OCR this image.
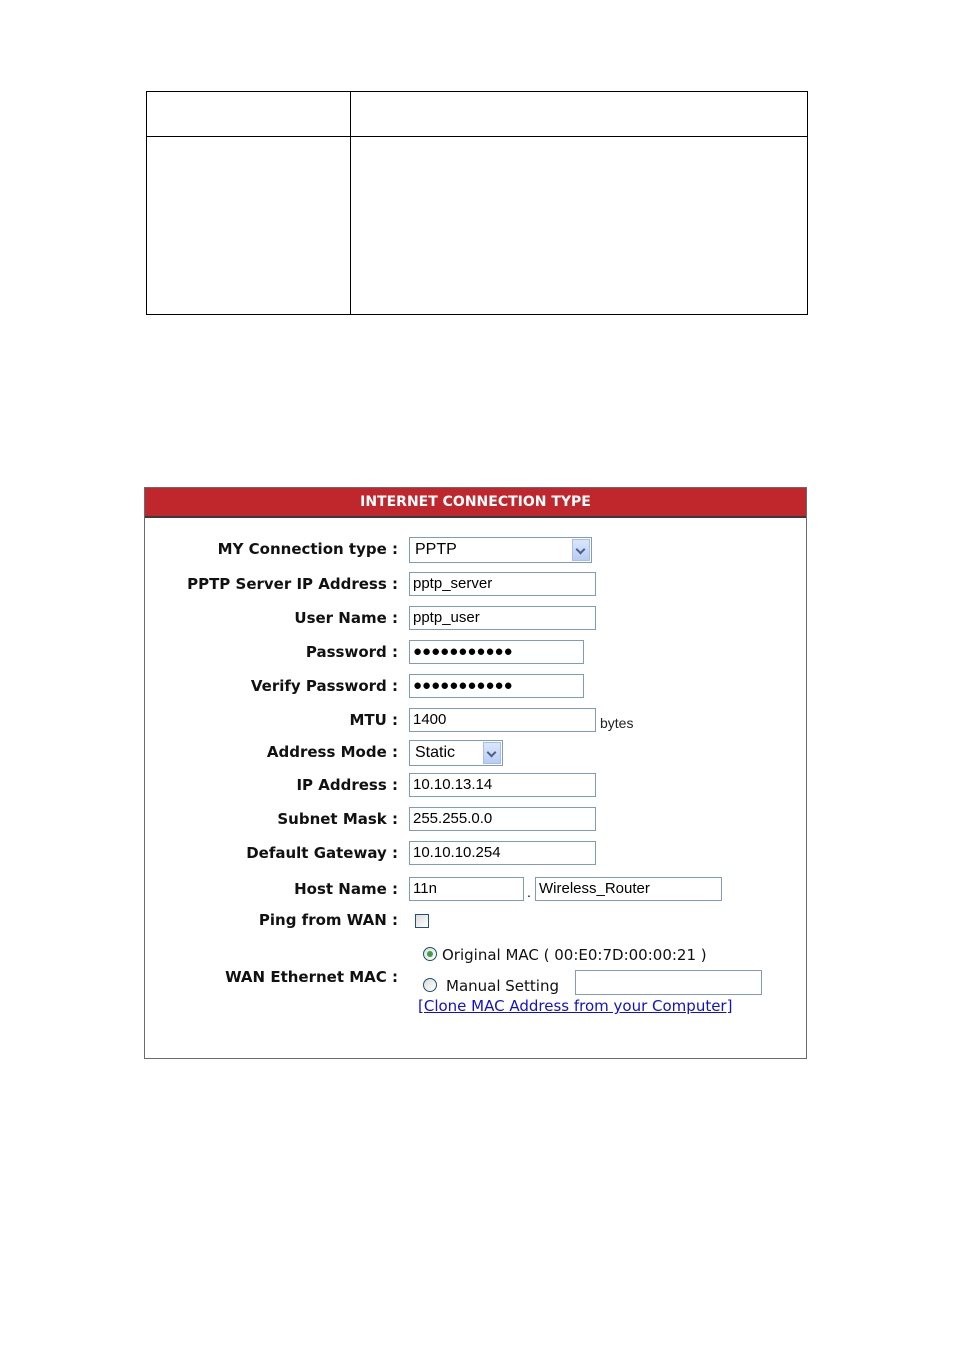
INTERNET CONNECTION TYPE
MY Connection type :	PPTP
PPTP Server IP Address : pptp_server
User Name : pptp_user
Password : ●●●●●●●●●●●
Verify Password : ●●●●●●●●●●●
MTU : 1400	bytes
Address Mode :	Static
IP Address : 10.10.13.14
Subnet Mask : 255.255.0.0
Default Gateway : 10.10.10.254
Host Name : 11n	. Wireless_Router
Ping from WAN :
WAN Ethernet MAC :
Original MAC ( 00:E0:7D:00:00:21 )
Manual Setting
[Clone MAC Address from your Computer]
